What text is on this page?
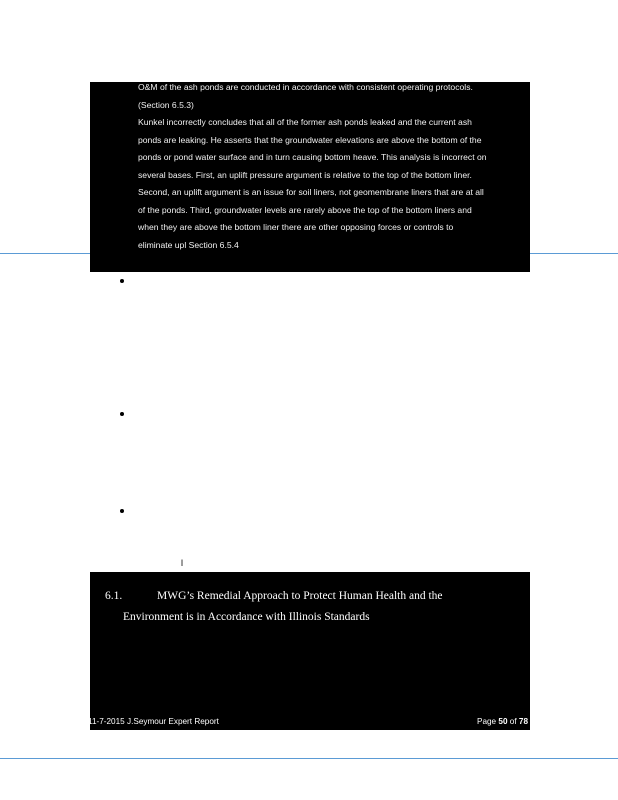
O&M of the ash ponds are conducted in accordance with consistent operating protocols.
(Section 6.5.3)
Kunkel incorrectly concludes that all of the former ash ponds leaked and the current ash
ponds are leaking. He asserts that the groundwater elevations are above the bottom of the
ponds or pond water surface and in turn causing bottom heave. This analysis is incorrect on
several bases. First, an uplift pressure argument is relative to the top of the bottom liner.
Second, an uplift argument is an issue for soil liners, not geomembrane liners that are at all
of the ponds. Third, groundwater levels are rarely above the top of the bottom liners and
when they are above the bottom liner there are other opposing forces or controls to
eliminate upl Section 6.5.4
l
6.1.	MWG’s Remedial Approach to Protect Human Health and the
Environment is in Accordance with Illinois Standards
11-7-2015 J.Seymour Expert Report	Page 50 of 78
